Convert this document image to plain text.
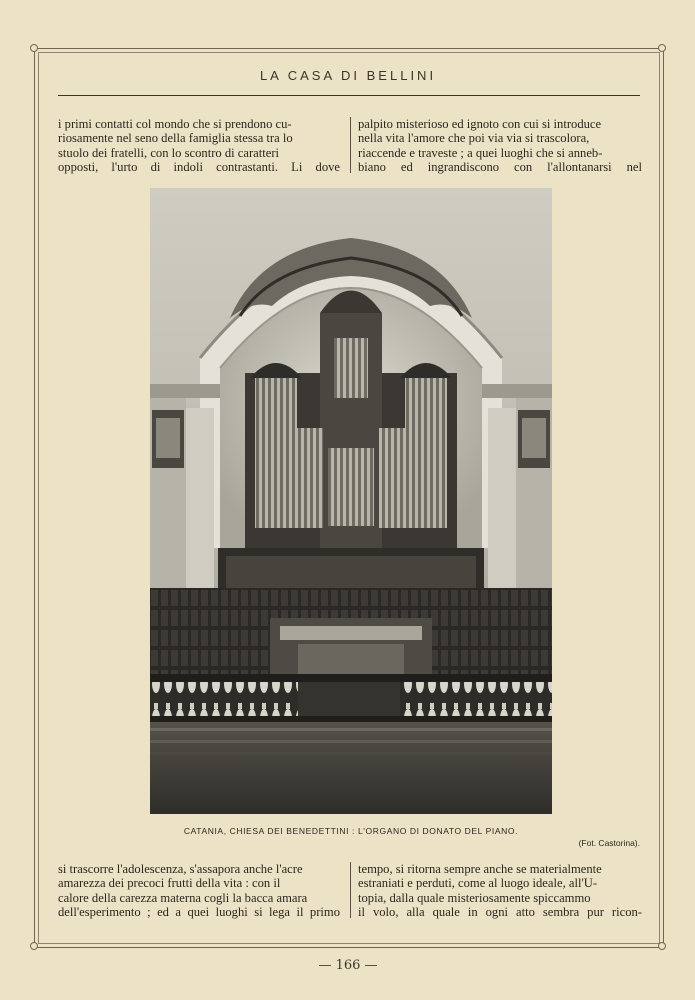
LA CASA DI BELLINI

i primi contatti col mondo che si prendono cu-

riosamente nel seno della famiglia stessa tra lo

stuolo dei fratelli, con lo scontro di caratteri

opposti, l'urto di indoli contrastanti. Li dove

palpito misterioso ed ignoto con cui si introduce

nella vita l'amore che poi via via si trascolora,

riaccende e traveste ; a quei luoghi che si anneb-

biano ed ingrandiscono con l'allontanarsi nel

CATANIA, CHIESA DEI BENEDETTINI : L'ORGANO DI DONATO DEL PIANO.
(Fot. Castorina).

si trascorre l'adolescenza, s'assapora anche l'acre

amarezza dei precoci frutti della vita : con il

calore della carezza materna cogli la bacca amara

dell'esperimento ; ed a quei luoghi si lega il primo

tempo, si ritorna sempre anche se materialmente

estraniati e perduti, come al luogo ideale, all'U-

topia, dalla quale misteriosamente spiccammo

il volo, alla quale in ogni atto sembra pur ricon-

— 166 —
